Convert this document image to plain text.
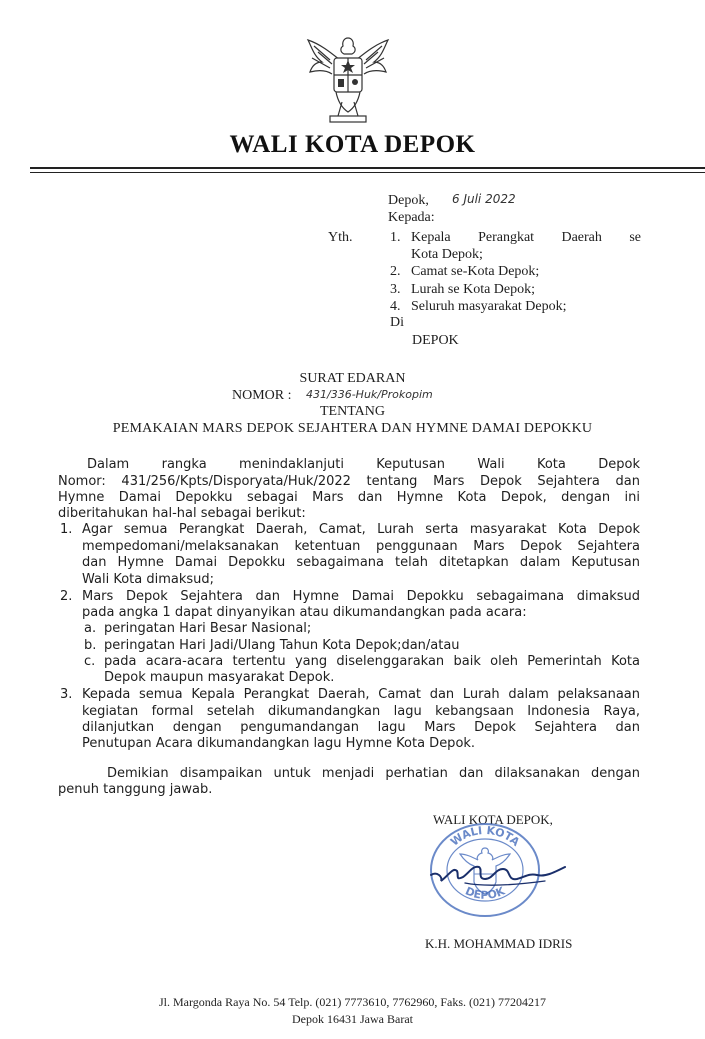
WALI KOTA DEPOK
Depok, 6 Juli 2022
Kepada:
Yth.	1. Kepala Perangkat Daerah se
Kota Depok;
2. Camat se-Kota Depok;
3. Lurah se Kota Depok;
4. Seluruh masyarakat Depok;
Di
DEPOK
SURAT EDARAN
NOMOR : 431/336-Huk/Prokopim
TENTANG
PEMAKAIAN MARS DEPOK SEJAHTERA DAN HYMNE DAMAI DEPOKKU
Dalam rangka menindaklanjuti Keputusan Wali Kota Depok
Nomor: 431/256/Kpts/Disporyata/Huk/2022 tentang Mars Depok Sejahtera dan
Hymne Damai Depokku sebagai Mars dan Hymne Kota Depok, dengan ini
diberitahukan hal-hal sebagai berikut:
1. Agar semua Perangkat Daerah, Camat, Lurah serta masyarakat Kota Depok
mempedomani/melaksanakan ketentuan penggunaan Mars Depok Sejahtera
dan Hymne Damai Depokku sebagaimana telah ditetapkan dalam Keputusan
Wali Kota dimaksud;
2. Mars Depok Sejahtera dan Hymne Damai Depokku sebagaimana dimaksud
pada angka 1 dapat dinyanyikan atau dikumandangkan pada acara:
a. peringatan Hari Besar Nasional;
b. peringatan Hari Jadi/Ulang Tahun Kota Depok;dan/atau
c. pada acara-acara tertentu yang diselenggarakan baik oleh Pemerintah Kota
Depok maupun masyarakat Depok.
3. Kepada semua Kepala Perangkat Daerah, Camat dan Lurah dalam pelaksanaan
kegiatan formal setelah dikumandangkan lagu kebangsaan Indonesia Raya,
dilanjutkan dengan pengumandangan lagu Mars Depok Sejahtera dan
Penutupan Acara dikumandangkan lagu Hymne Kota Depok.
Demikian disampaikan untuk menjadi perhatian dan dilaksanakan dengan
penuh tanggung jawab.
WALI KOTA DEPOK,
WALI KOTA
DEPOK
K.H. MOHAMMAD IDRIS
Jl. Margonda Raya No. 54 Telp. (021) 7773610, 7762960, Faks. (021) 77204217
Depok 16431 Jawa Barat
